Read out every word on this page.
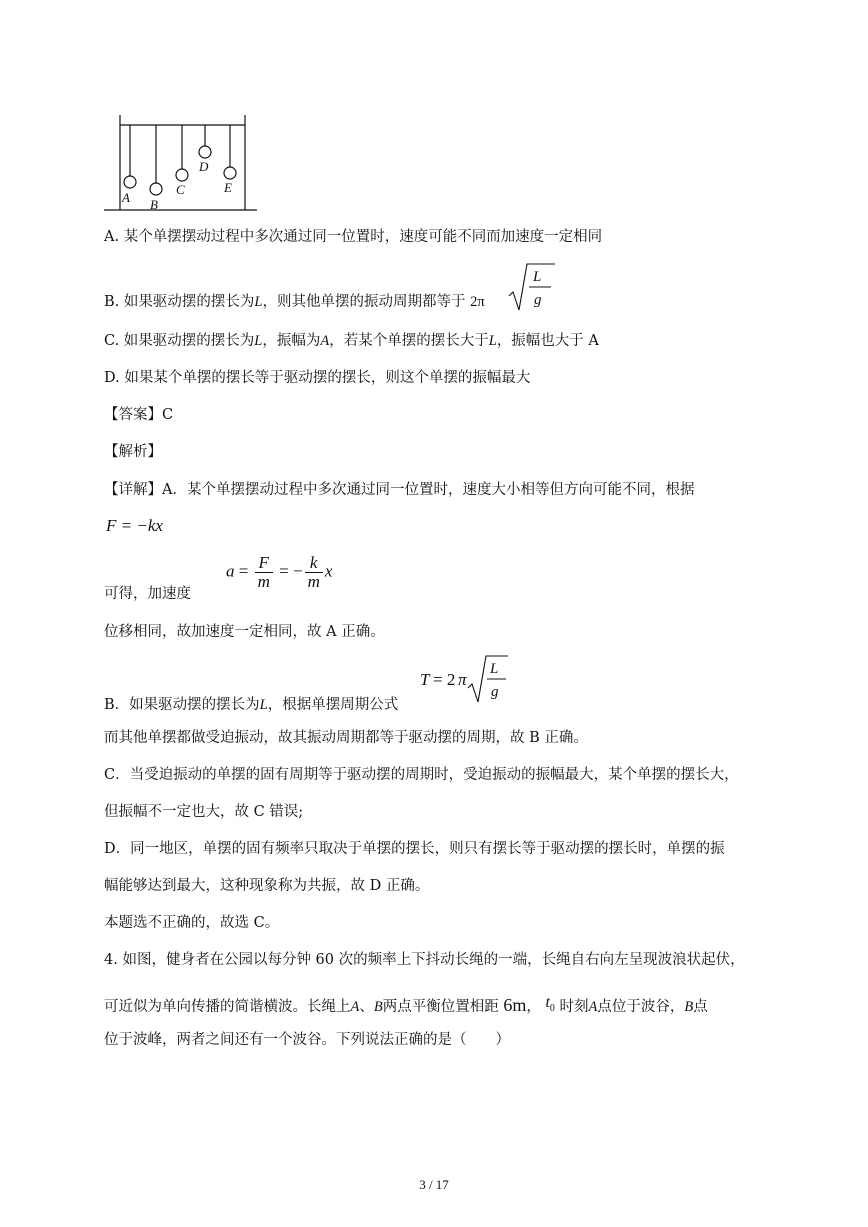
A B
C
D
E
A. 某个单摆摆动过程中多次通过同一位置时，速度可能不同而加速度一定相同
B. 如果驱动摆的摆长为L，则其他单摆的振动周期都等于 2π
L
g
C. 如果驱动摆的摆长为L，振幅为A，若某个单摆的摆长大于L，振幅也大于 A
D. 如果某个单摆的摆长等于驱动摆的摆长，则这个单摆的振幅最大
【答案】C
【解析】
【详解】A．某个单摆摆动过程中多次通过同一位置时，速度大小相等但方向可能不同，根据
F = −kx
$a = \frac{F}{m}$ = − $\frac{k}{m}$ x
可得，加速度
位移相同，故加速度一定相同，故 A 正确。
T = 2 π
L
g
B．如果驱动摆的摆长为L，根据单摆周期公式
而其他单摆都做受迫振动，故其振动周期都等于驱动摆的周期，故 B 正确。
C．当受迫振动的单摆的固有周期等于驱动摆的周期时，受迫振动的振幅最大，某个单摆的摆长大，
但振幅不一定也大，故 C 错误;
D．同一地区，单摆的固有频率只取决于单摆的摆长，则只有摆长等于驱动摆的摆长时，单摆的振
幅能够达到最大，这种现象称为共振，故 D 正确。
本题选不正确的，故选 C。
4. 如图，健身者在公园以每分钟 60 次的频率上下抖动长绳的一端，长绳自右向左呈现波浪状起伏，
可近似为单向传播的简谐横波。长绳上A、B两点平衡位置相距 6m， $t_0$ 时刻A点位于波谷，B点
位于波峰，两者之间还有一个波谷。下列说法正确的是（　　）
3 / 17
